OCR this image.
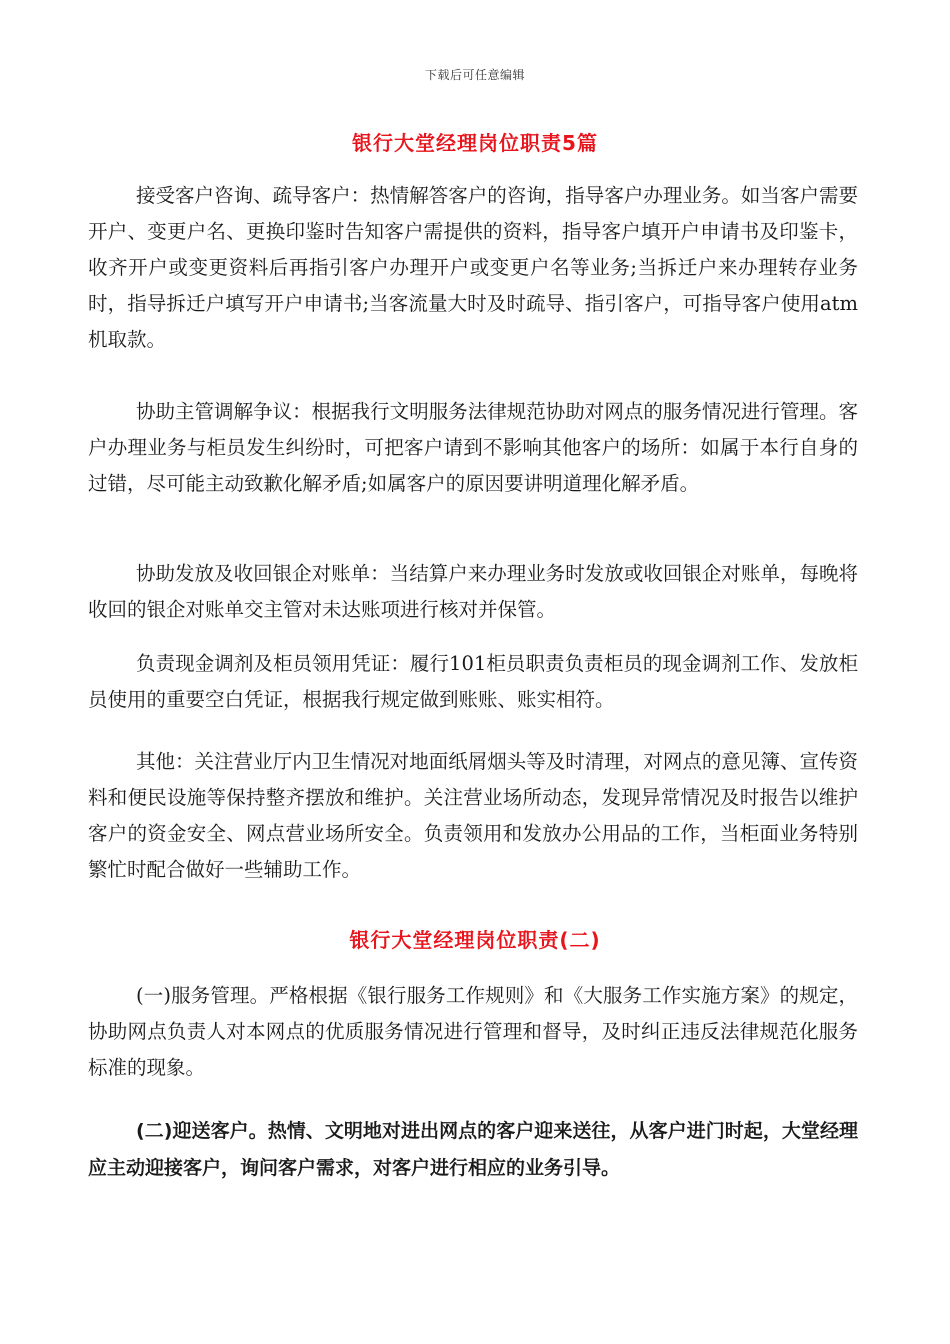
下载后可任意编辑
银行大堂经理岗位职责5篇

接受客户咨询、疏导客户：热情解答客户的咨询，指导客户办理业务。如当客户需要开户、变更户名、更换印鉴时告知客户需提供的资料，指导客户填开户申请书及印鉴卡，收齐开户或变更资料后再指引客户办理开户或变更户名等业务;当拆迁户来办理转存业务时，指导拆迁户填写开户申请书;当客流量大时及时疏导、指引客户，可指导客户使用atm机取款。

协助主管调解争议：根据我行文明服务法律规范协助对网点的服务情况进行管理。客户办理业务与柜员发生纠纷时，可把客户请到不影响其他客户的场所：如属于本行自身的过错，尽可能主动致歉化解矛盾;如属客户的原因要讲明道理化解矛盾。

协助发放及收回银企对账单：当结算户来办理业务时发放或收回银企对账单，每晚将收回的银企对账单交主管对未达账项进行核对并保管。

负责现金调剂及柜员领用凭证：履行101柜员职责负责柜员的现金调剂工作、发放柜员使用的重要空白凭证，根据我行规定做到账账、账实相符。

其他：关注营业厅内卫生情况对地面纸屑烟头等及时清理，对网点的意见簿、宣传资料和便民设施等保持整齐摆放和维护。关注营业场所动态，发现异常情况及时报告以维护客户的资金安全、网点营业场所安全。负责领用和发放办公用品的工作，当柜面业务特别繁忙时配合做好一些辅助工作。

银行大堂经理岗位职责(二)

(一)服务管理。严格根据《银行服务工作规则》和《大服务工作实施方案》的规定，协助网点负责人对本网点的优质服务情况进行管理和督导，及时纠正违反法律规范化服务标准的现象。

(二)迎送客户。热情、文明地对进出网点的客户迎来送往，从客户进门时起，大堂经理应主动迎接客户，询问客户需求，对客户进行相应的业务引导。
